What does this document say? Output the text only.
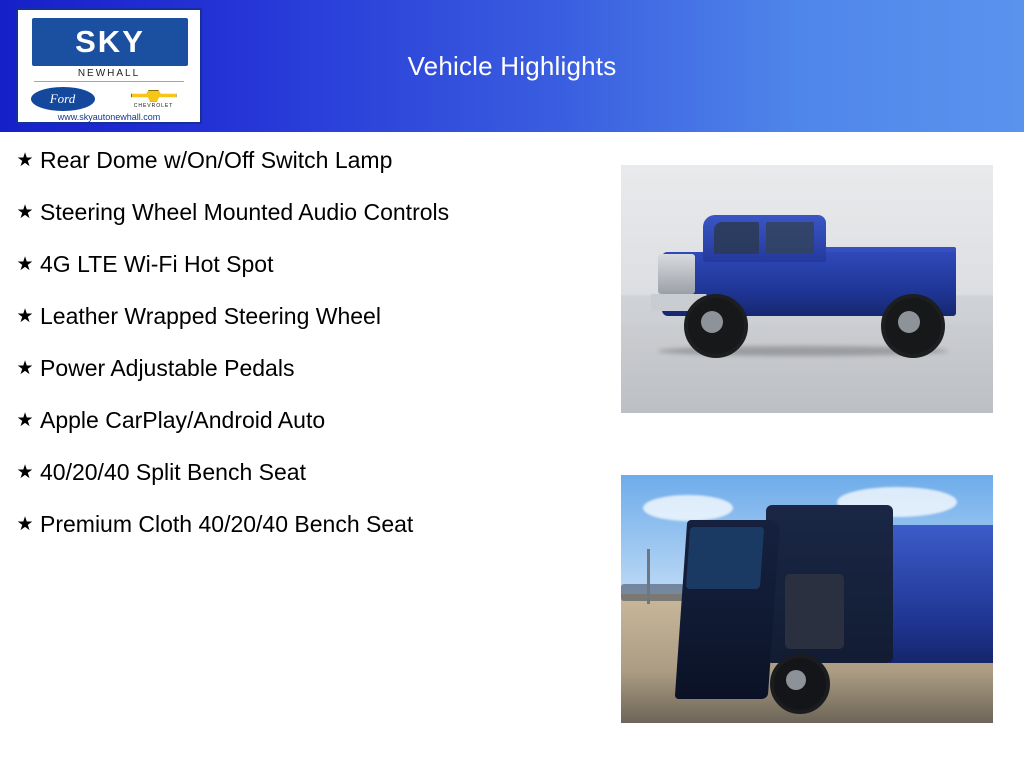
Vehicle Highlights
SKY
NEWHALL
Ford	CHEVROLET
www.skyautonewhall.com
★ Rear Dome w/On/Off Switch Lamp
★ Steering Wheel Mounted Audio Controls
★ 4G LTE Wi-Fi Hot Spot
★ Leather Wrapped Steering Wheel
★ Power Adjustable Pedals
★ Apple CarPlay/Android Auto
★ 40/20/40 Split Bench Seat
★ Premium Cloth 40/20/40 Bench Seat
